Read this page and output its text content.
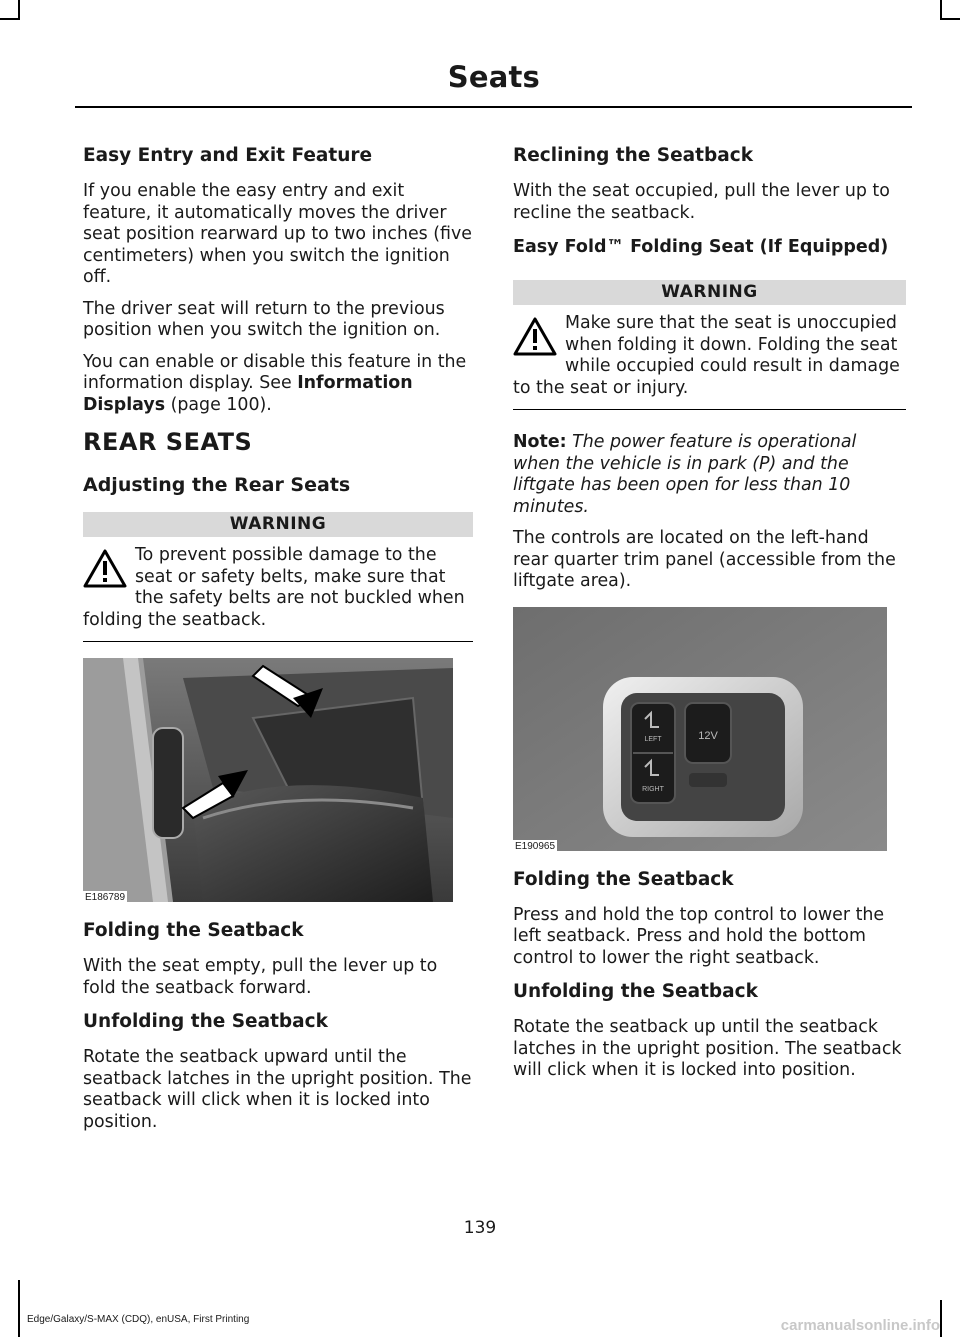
Seats
Easy Entry and Exit Feature

If you enable the easy entry and exit feature, it automatically moves the driver seat position rearward up to two inches (five centimeters) when you switch the ignition off.

The driver seat will return to the previous position when you switch the ignition on.

You can enable or disable this feature in the information display. See Information Displays (page 100).

REAR SEATS
Adjusting the Rear Seats
WARNING

To prevent possible damage to the seat or safety belts, make sure that the safety belts are not buckled when folding the seatback.

E186789
Folding the Seatback

With the seat empty, pull the lever up to fold the seatback forward.

Unfolding the Seatback

Rotate the seatback upward until the seatback latches in the upright position. The seatback will click when it is locked into position.

Reclining the Seatback

With the seat occupied, pull the lever up to recline the seatback.

Easy Fold™ Folding Seat (If Equipped)
WARNING

Make sure that the seat is unoccupied when folding it down. Folding the seat while occupied could result in damage to the seat or injury.

Note: The power feature is operational when the vehicle is in park (P) and the liftgate has been open for less than 10 minutes.

The controls are located on the left-hand rear quarter trim panel (accessible from the liftgate area).

LEFT
RIGHT
12V
E190965
Folding the Seatback

Press and hold the top control to lower the left seatback. Press and hold the bottom control to lower the right seatback.

Unfolding the Seatback

Rotate the seatback up until the seatback latches in the upright position. The seatback will click when it is locked into position.

139
Edge/Galaxy/S-MAX (CDQ), enUSA, First Printing	carmanualsonline.info
